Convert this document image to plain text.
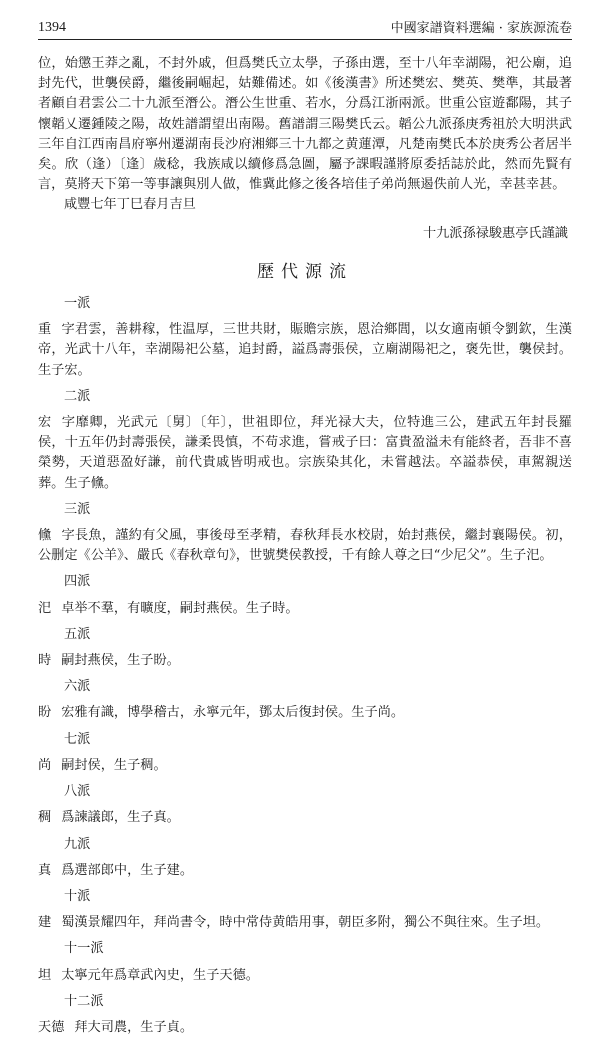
1394	中國家譜資料選編 · 家族源流卷

位，始懲王莽之亂，不封外戚，但爲樊氏立太學，子孫由選，至十八年幸湖陽，祀公廟，追封先代，世襲侯爵，繼後嗣崛起，姑難備述。如《後漢書》所述樊宏、樊英、樊準，其最著者顧自君雲公二十九派至潛公。潛公生世重、若水，分爲江浙兩派。世重公宦遊鄱陽，其子懷韜乂遷鍾陵之陽，故姓譜謂望出南陽。舊譜謂三陽樊氏云。韜公九派孫庚秀祖於大明洪武三年自江西南昌府寧州遷湖南長沙府湘鄉三十九都之黄蓮潭，凡楚南樊氏本於庚秀公者居半矣。欣（逢）〔逢〕歲稔，我族咸以續修爲急圖，屬予課暇謹將原委括誌於此，然而先賢有言，莫將天下第一等事讓與別人做，惟冀此修之後各培佳子弟尚無遏佚前人光，幸甚幸甚。

咸豐七年丁巳春月吉旦

十九派孫禄駿惠亭氏謹識

歷代源流

一派

重 字君雲，善耕稼，性温厚，三世共財，賑贍宗族，恩洽鄉閭，以女適南頓令劉欽，生漢帝，光武十八年，幸湖陽祀公墓，追封爵，謚爲壽張侯，立廟湖陽祀之，褒先世，襲侯封。生子宏。

二派

宏 字靡卿，光武元〔舅〕〔年〕，世祖即位，拜光禄大夫，位特進三公，建武五年封長羅侯，十五年仍封壽張侯，謙柔畏慎，不苟求進，嘗戒子曰：富貴盈溢未有能終者，吾非不喜榮勢，天道惡盈好謙，前代貴戚皆明戒也。宗族染其化，未嘗越法。卒謚恭侯，車駕親送葬。生子儵。

三派

儵 字長魚，謹約有父風，事後母至孝精，春秋拜長水校尉，始封燕侯，繼封襄陽侯。初，公删定《公羊》、嚴氏《春秋章句》，世號樊侯教授，千有餘人尊之曰“少尼父”。生子汜。

四派

汜 卓举不羣，有曠度，嗣封燕侯。生子時。

五派

時 嗣封燕侯，生子盼。

六派

盼 宏雅有識，博學稽古，永寧元年，鄧太后復封侯。生子尚。

七派

尚 嗣封侯，生子稠。

八派

稠 爲諫議郎，生子真。

九派

真 爲選部郎中，生子建。

十派

建 蜀漢景耀四年，拜尚書令，時中常侍黄皓用事，朝臣多附，獨公不與往來。生子坦。

十一派

坦 太寧元年爲章武內史，生子天德。

十二派

天德 拜大司農，生子貞。
